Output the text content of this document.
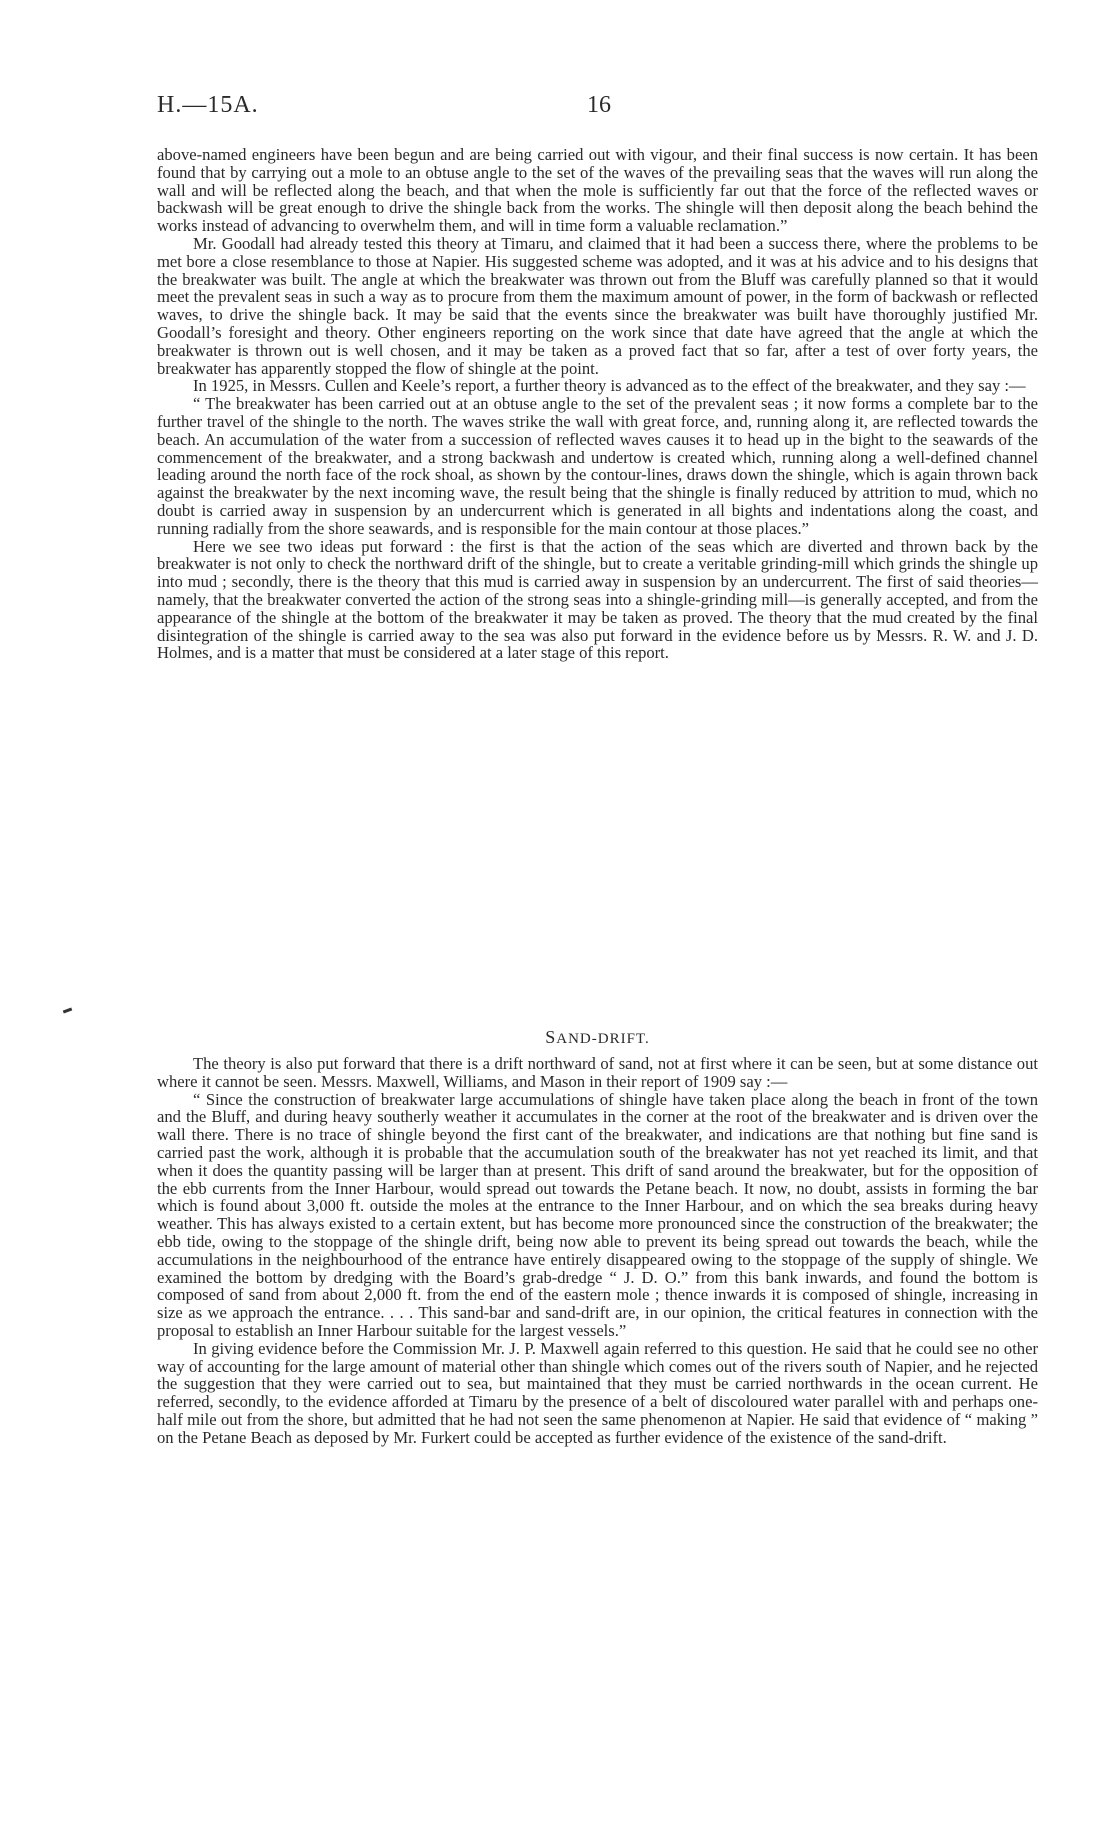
H.—15A.	16

above-named engineers have been begun and are being carried out with vigour, and their final success is now certain. It has been found that by carrying out a mole to an obtuse angle to the set of the waves of the prevailing seas that the waves will run along the wall and will be reflected along the beach, and that when the mole is sufficiently far out that the force of the reflected waves or backwash will be great enough to drive the shingle back from the works. The shingle will then deposit along the beach behind the works instead of advancing to overwhelm them, and will in time form a valuable reclamation.”

Mr. Goodall had already tested this theory at Timaru, and claimed that it had been a success there, where the problems to be met bore a close resemblance to those at Napier. His suggested scheme was adopted, and it was at his advice and to his designs that the breakwater was built. The angle at which the breakwater was thrown out from the Bluff was carefully planned so that it would meet the prevalent seas in such a way as to procure from them the maximum amount of power, in the form of backwash or reflected waves, to drive the shingle back. It may be said that the events since the breakwater was built have thoroughly justified Mr. Goodall’s foresight and theory. Other engineers reporting on the work since that date have agreed that the angle at which the breakwater is thrown out is well chosen, and it may be taken as a proved fact that so far, after a test of over forty years, the breakwater has apparently stopped the flow of shingle at the point.

In 1925, in Messrs. Cullen and Keele’s report, a further theory is advanced as to the effect of the breakwater, and they say :—

“ The breakwater has been carried out at an obtuse angle to the set of the prevalent seas ; it now forms a complete bar to the further travel of the shingle to the north. The waves strike the wall with great force, and, running along it, are reflected towards the beach. An accumulation of the water from a succession of reflected waves causes it to head up in the bight to the seawards of the commencement of the breakwater, and a strong backwash and undertow is created which, running along a well-defined channel leading around the north face of the rock shoal, as shown by the contour-lines, draws down the shingle, which is again thrown back against the breakwater by the next incoming wave, the result being that the shingle is finally reduced by attrition to mud, which no doubt is carried away in suspension by an undercurrent which is generated in all bights and indentations along the coast, and running radially from the shore seawards, and is responsible for the main contour at those places.”

Here we see two ideas put forward : the first is that the action of the seas which are diverted and thrown back by the breakwater is not only to check the northward drift of the shingle, but to create a veritable grinding-mill which grinds the shingle up into mud ; secondly, there is the theory that this mud is carried away in suspension by an undercurrent. The first of said theories—namely, that the breakwater converted the action of the strong seas into a shingle-grinding mill—is generally accepted, and from the appearance of the shingle at the bottom of the breakwater it may be taken as proved. The theory that the mud created by the final disintegration of the shingle is carried away to the sea was also put forward in the evidence before us by Messrs. R. W. and J. D. Holmes, and is a matter that must be considered at a later stage of this report.

SAND-DRIFT.

The theory is also put forward that there is a drift northward of sand, not at first where it can be seen, but at some distance out where it cannot be seen. Messrs. Maxwell, Williams, and Mason in their report of 1909 say :—

“ Since the construction of breakwater large accumulations of shingle have taken place along the beach in front of the town and the Bluff, and during heavy southerly weather it accumulates in the corner at the root of the breakwater and is driven over the wall there. There is no trace of shingle beyond the first cant of the breakwater, and indications are that nothing but fine sand is carried past the work, although it is probable that the accumulation south of the breakwater has not yet reached its limit, and that when it does the quantity passing will be larger than at present. This drift of sand around the breakwater, but for the opposition of the ebb currents from the Inner Harbour, would spread out towards the Petane beach. It now, no doubt, assists in forming the bar which is found about 3,000 ft. outside the moles at the entrance to the Inner Harbour, and on which the sea breaks during heavy weather. This has always existed to a certain extent, but has become more pronounced since the construction of the breakwater; the ebb tide, owing to the stoppage of the shingle drift, being now able to prevent its being spread out towards the beach, while the accumulations in the neighbourhood of the entrance have entirely disappeared owing to the stoppage of the supply of shingle. We examined the bottom by dredging with the Board’s grab-dredge “ J. D. O.” from this bank inwards, and found the bottom is composed of sand from about 2,000 ft. from the end of the eastern mole ; thence inwards it is composed of shingle, increasing in size as we approach the entrance. . . . This sand-bar and sand-drift are, in our opinion, the critical features in connection with the proposal to establish an Inner Harbour suitable for the largest vessels.”

In giving evidence before the Commission Mr. J. P. Maxwell again referred to this question. He said that he could see no other way of accounting for the large amount of material other than shingle which comes out of the rivers south of Napier, and he rejected the suggestion that they were carried out to sea, but maintained that they must be carried northwards in the ocean current. He referred, secondly, to the evidence afforded at Timaru by the presence of a belt of discoloured water parallel with and perhaps one-half mile out from the shore, but admitted that he had not seen the same phenomenon at Napier. He said that evidence of “ making ” on the Petane Beach as deposed by Mr. Furkert could be accepted as further evidence of the existence of the sand-drift.
